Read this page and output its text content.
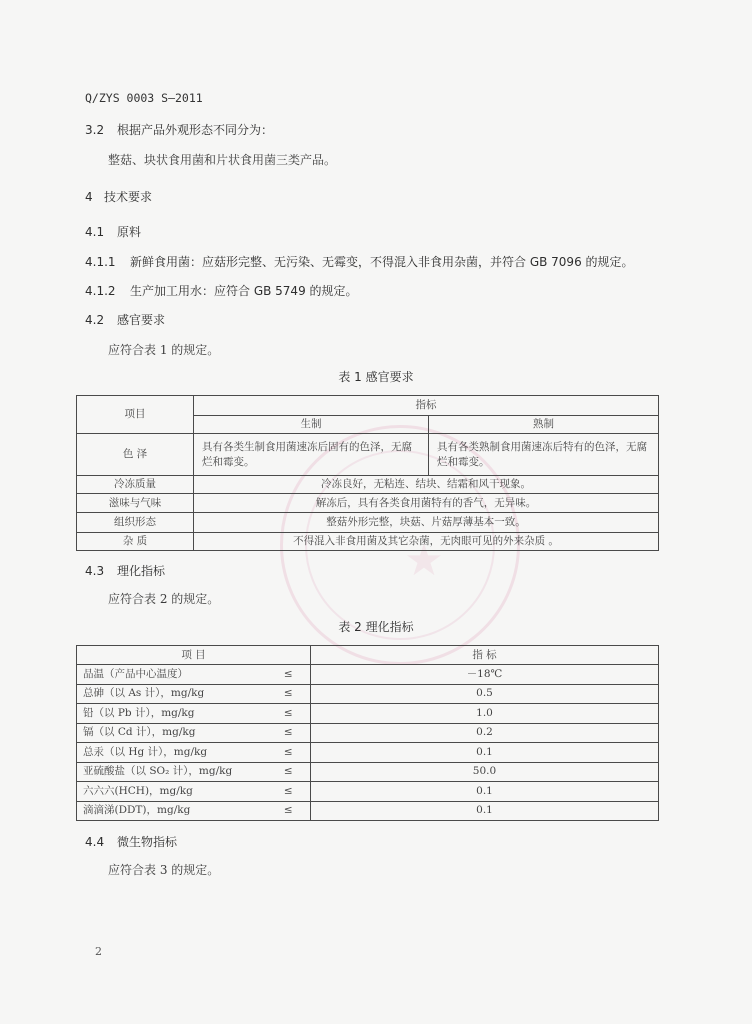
★
Q/ZYS 0003 S—2011
3.2 根据产品外观形态不同分为：
整菇、块状食用菌和片状食用菌三类产品。
4 技术要求
4.1 原料
4.1.1 新鲜食用菌：应菇形完整、无污染、无霉变，不得混入非食用杂菌，并符合 GB 7096 的规定。
4.1.2 生产加工用水：应符合 GB 5749 的规定。
4.2 感官要求
应符合表 1 的规定。
表 1 感官要求
项目	指标	
	生制	熟制
色 泽	具有各类生制食用菌速冻后固有的色泽，无腐烂和霉变。	具有各类熟制食用菌速冻后特有的色泽，无腐烂和霉变。
冷冻质量	冷冻良好，无粘连、结块、结霜和风干现象。	
滋味与气味	解冻后，具有各类食用菌特有的香气，无异味。	
组织形态	整菇外形完整，块菇、片菇厚薄基本一致。	
杂 质	不得混入非食用菌及其它杂菌，无肉眼可见的外来杂质 。	
4.3 理化指标
应符合表 2 的规定。
表 2 理化指标
项 目		指 标
品温（产品中心温度）	≤	－18℃
总砷（以 As 计），mg/kg	≤	0.5
铅（以 Pb 计），mg/kg	≤	1.0
镉（以 Cd 计），mg/kg	≤	0.2
总汞（以 Hg 计），mg/kg	≤	0.1
亚硫酸盐（以 SO₂ 计），mg/kg	≤	50.0
六六六(HCH)，mg/kg	≤	0.1
滴滴涕(DDT)，mg/kg	≤	0.1
4.4 微生物指标
应符合表 3 的规定。
2
